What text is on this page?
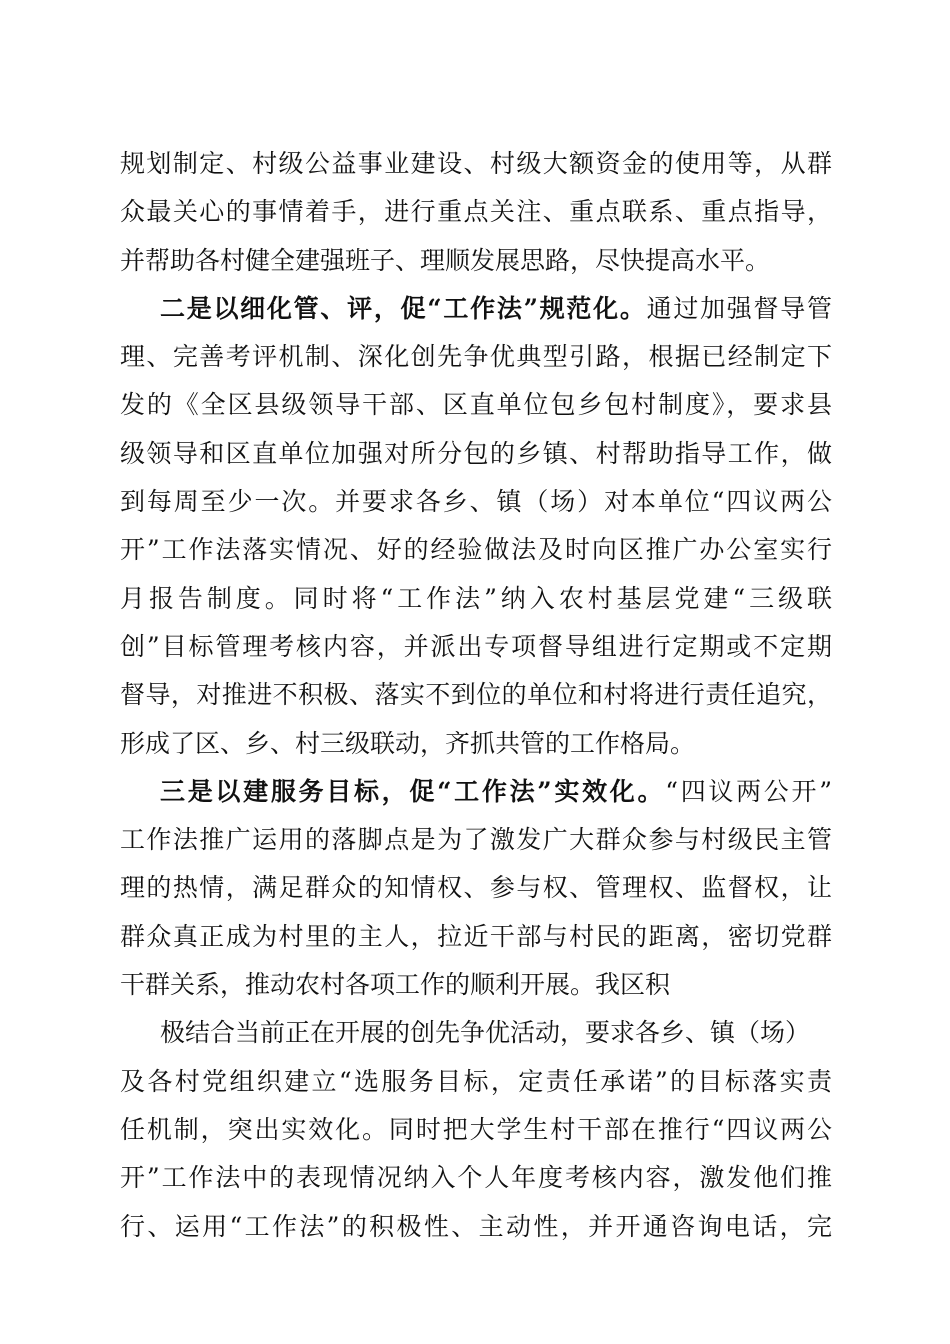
规划制定、村级公益事业建设、村级大额资金的使用等，从群
众最关心的事情着手，进行重点关注、重点联系、重点指导，
并帮助各村健全建强班子、理顺发展思路，尽快提高水平。
二是以细化管、评，促“工作法”规范化。通过加强督导管
理、完善考评机制、深化创先争优典型引路，根据已经制定下
发的《全区县级领导干部、区直单位包乡包村制度》，要求县
级领导和区直单位加强对所分包的乡镇、村帮助指导工作，做
到每周至少一次。并要求各乡、镇（场）对本单位“四议两公
开”工作法落实情况、好的经验做法及时向区推广办公室实行
月报告制度。同时将“工作法”纳入农村基层党建“三级联
创”目标管理考核内容，并派出专项督导组进行定期或不定期
督导，对推进不积极、落实不到位的单位和村将进行责任追究，
形成了区、乡、村三级联动，齐抓共管的工作格局。
三是以建服务目标，促“工作法”实效化。“四议两公开”
工作法推广运用的落脚点是为了激发广大群众参与村级民主管
理的热情，满足群众的知情权、参与权、管理权、监督权，让
群众真正成为村里的主人，拉近干部与村民的距离，密切党群
干群关系，推动农村各项工作的顺利开展。我区积
极结合当前正在开展的创先争优活动，要求各乡、镇（场）
及各村党组织建立“选服务目标，定责任承诺”的目标落实责
任机制，突出实效化。同时把大学生村干部在推行“四议两公
开”工作法中的表现情况纳入个人年度考核内容，激发他们推
行、运用“工作法”的积极性、主动性，并开通咨询电话，完
